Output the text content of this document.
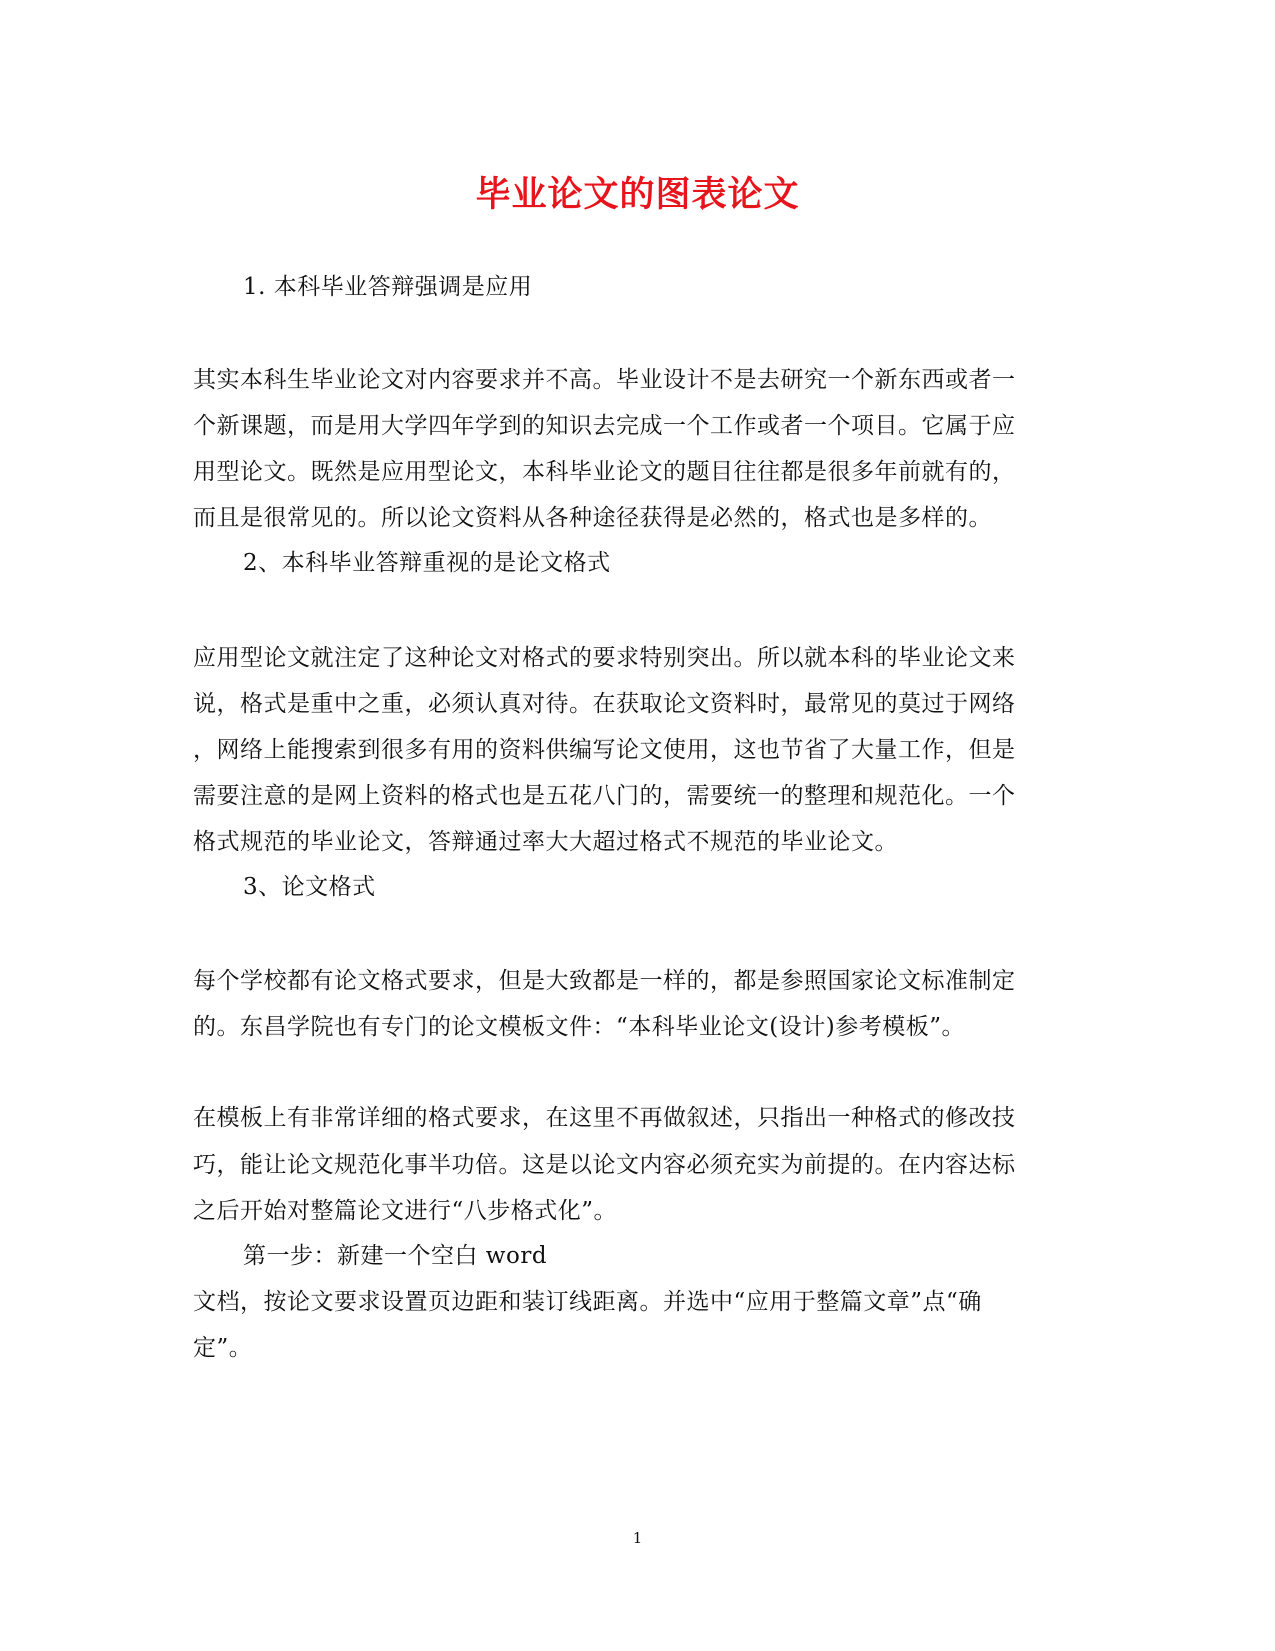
毕业论文的图表论文
1. 本科毕业答辩强调是应用
其实本科生毕业论文对内容要求并不高。毕业设计不是去研究一个新东西或者一
个新课题，而是用大学四年学到的知识去完成一个工作或者一个项目。它属于应
用型论文。既然是应用型论文，本科毕业论文的题目往往都是很多年前就有的，
而且是很常见的。所以论文资料从各种途径获得是必然的，格式也是多样的。
2、本科毕业答辩重视的是论文格式
应用型论文就注定了这种论文对格式的要求特别突出。所以就本科的毕业论文来
说，格式是重中之重，必须认真对待。在获取论文资料时，最常见的莫过于网络
，网络上能搜索到很多有用的资料供编写论文使用，这也节省了大量工作，但是
需要注意的是网上资料的格式也是五花八门的，需要统一的整理和规范化。一个
格式规范的毕业论文，答辩通过率大大超过格式不规范的毕业论文。
3、论文格式
每个学校都有论文格式要求，但是大致都是一样的，都是参照国家论文标准制定
的。东昌学院也有专门的论文模板文件：“本科毕业论文(设计)参考模板”。
在模板上有非常详细的格式要求，在这里不再做叙述，只指出一种格式的修改技
巧，能让论文规范化事半功倍。这是以论文内容必须充实为前提的。在内容达标
之后开始对整篇论文进行“八步格式化”。
第一步：新建一个空白 word
文档，按论文要求设置页边距和装订线距离。并选中“应用于整篇文章”点“确
定”。
1
